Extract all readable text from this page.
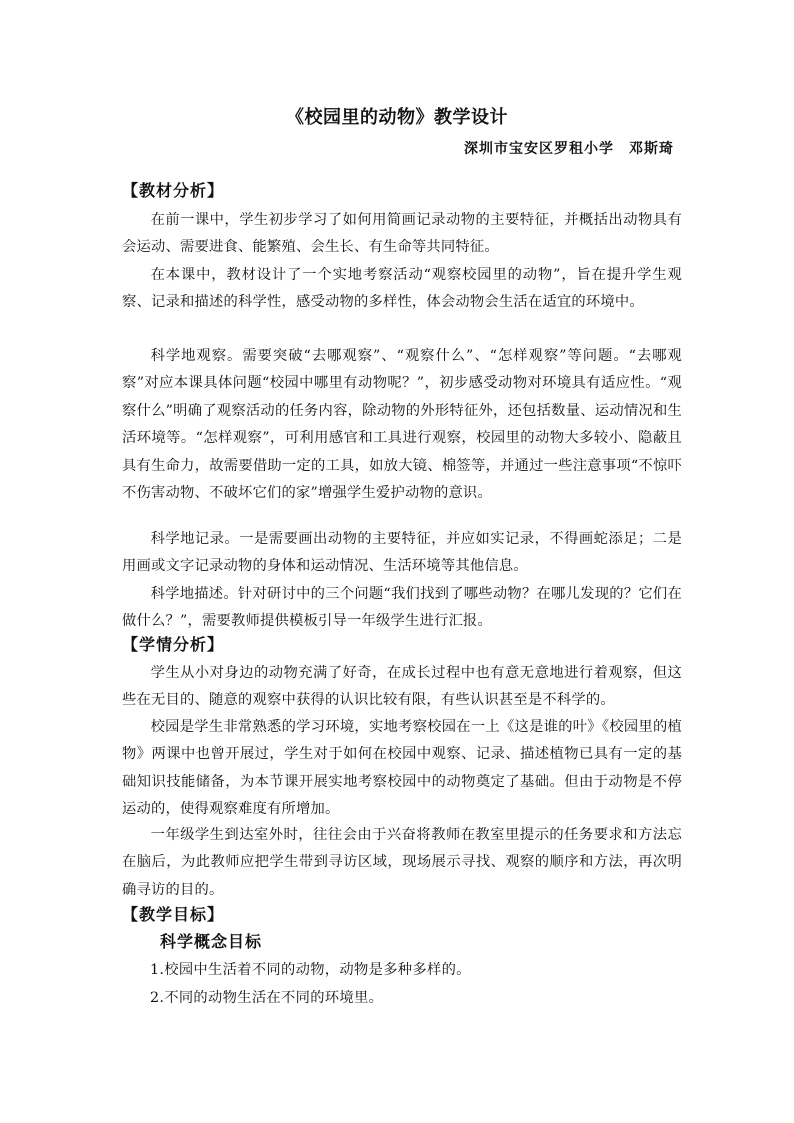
《校园里的动物》教学设计
深圳市宝安区罗租小学　邓斯琦
【教材分析】
在前一课中，学生初步学习了如何用简画记录动物的主要特征，并概括出动物具有会运动、需要进食、能繁殖、会生长、有生命等共同特征。
在本课中，教材设计了一个实地考察活动“观察校园里的动物”，旨在提升学生观察、记录和描述的科学性，感受动物的多样性，体会动物会生活在适宜的环境中。
科学地观察。需要突破“去哪观察”、“观察什么”、“怎样观察”等问题。“去哪观察”对应本课具体问题“校园中哪里有动物呢？”，初步感受动物对环境具有适应性。“观察什么”明确了观察活动的任务内容，除动物的外形特征外，还包括数量、运动情况和生活环境等。“怎样观察”，可利用感官和工具进行观察，校园里的动物大多较小、隐蔽且具有生命力，故需要借助一定的工具，如放大镜、棉签等，并通过一些注意事项“不惊吓不伤害动物、不破坏它们的家”增强学生爱护动物的意识。
科学地记录。一是需要画出动物的主要特征，并应如实记录，不得画蛇添足；二是用画或文字记录动物的身体和运动情况、生活环境等其他信息。
科学地描述。针对研讨中的三个问题“我们找到了哪些动物？在哪儿发现的？它们在做什么？”，需要教师提供模板引导一年级学生进行汇报。
【学情分析】
学生从小对身边的动物充满了好奇，在成长过程中也有意无意地进行着观察，但这些在无目的、随意的观察中获得的认识比较有限，有些认识甚至是不科学的。
校园是学生非常熟悉的学习环境，实地考察校园在一上《这是谁的叶》《校园里的植物》两课中也曾开展过，学生对于如何在校园中观察、记录、描述植物已具有一定的基础知识技能储备，为本节课开展实地考察校园中的动物奠定了基础。但由于动物是不停运动的，使得观察难度有所增加。
一年级学生到达室外时，往往会由于兴奋将教师在教室里提示的任务要求和方法忘在脑后，为此教师应把学生带到寻访区域，现场展示寻找、观察的顺序和方法，再次明确寻访的目的。
【教学目标】
科学概念目标
1.校园中生活着不同的动物，动物是多种多样的。
2.不同的动物生活在不同的环境里。
